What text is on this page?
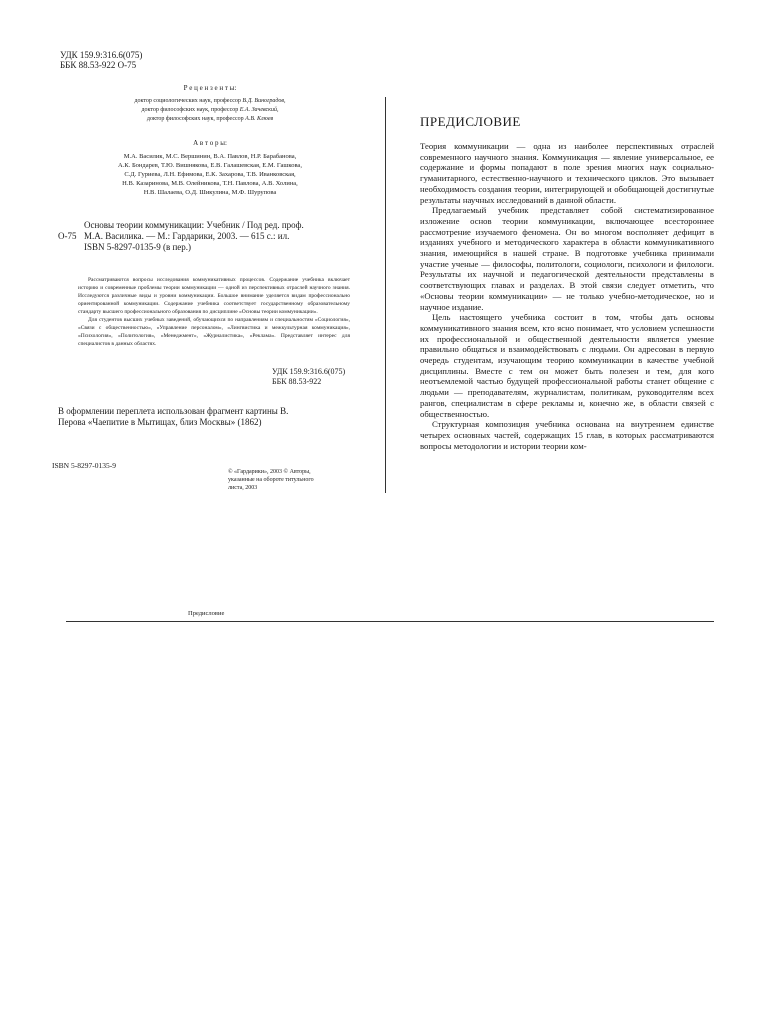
УДК 159.9:316.6(075)
ББК 88.53-922 О-75
Р е ц е н з е н т ы:
доктор социологических наук, профессор В.Д. Виноградов,
доктор философских наук, профессор Е.А. Зачевский,
доктор философских наук, профессор А.В. Клюев
А в т о р ы:
М.А. Василик, М.С. Вершинин, В.А. Павлов, Н.Р. Барабанова,
А.К. Бондарев, Т.Ю. Вишнякова, Е.В. Галашевская, Е.М. Гашкова,
С.Д. Гуриева, Л.Н. Ефимова, Е.К. Захарова, Т.В. Иванковская,
Н.В. Казаринова, М.В. Олейникова, Т.Н. Павлова, А.В. Холина,
Н.В. Шалаева, О.Д. Шикулина, М.Ф. Шурупова
Основы теории коммуникации: Учебник / Под ред. проф.
М.А. Василика. — М.: Гардарики, 2003. — 615 с.: ил.
ISBN 5-8297-0135-9 (в пер.)
О-75

Рассматриваются вопросы исследования коммуникативных процессов. Содержание учебника включает историю и современные проблемы теории коммуникации — одной из перспективных отраслей научного знания. Исследуются различные виды и уровни коммуникации. Большое внимание уделяется видам профессионально ориентированной коммуникации. Содержание учебника соответствует государственному образовательному стандарту высшего профессионального образования по дисциплине «Основы теории коммуникации».

Для студентов высших учебных заведений, обучающихся по направлениям и специальностям «Социология», «Связи с общественностью», «Управление персоналом», «Лингвистика и межкультурная коммуникация», «Психология», «Политология», «Менеджмент», «Журналистика», «Реклама». Представляет интерес для специалистов в данных областях.

УДК 159.9:316.6(075)
ББК 88.53-922
В оформлении переплета использован фрагмент картины В.
Перова «Чаепитие в Мытищах, близ Москвы» (1862)
ISBN 5-8297-0135-9
© «Гардарики», 2003 © Авторы,
указанные на обороте титульного
листа, 2003
ПРЕДИСЛОВИЕ

Теория коммуникации — одна из наиболее перспективных отраслей современного научного знания. Коммуникация — явление универсальное, ее содержание и формы попадают в поле зрения многих наук социально-гуманитарного, естественно-научного и технического циклов. Это вызывает необходимость создания теории, интегрирующей и обобщающей достигнутые результаты научных исследований в данной области.

Предлагаемый учебник представляет собой систематизированное изложение основ теории коммуникации, включающее всестороннее рассмотрение изучаемого феномена. Он во многом восполняет дефицит в изданиях учебного и методического характера в области коммуникативного знания, имеющийся в нашей стране. В подготовке учебника принимали участие ученые — философы, политологи, социологи, психологи и филологи. Результаты их научной и педагогической деятельности представлены в соответствующих главах и разделах. В этой связи следует отметить, что «Основы теории коммуникации» — не только учебно-методическое, но и научное издание.

Цель настоящего учебника состоит в том, чтобы дать основы коммуникативного знания всем, кто ясно понимает, что условием успешности их профессиональной и общественной деятельности является умение правильно общаться и взаимодействовать с людьми. Он адресован в первую очередь студентам, изучающим теорию коммуникации в качестве учебной дисциплины. Вместе с тем он может быть полезен и тем, для кого неотъемлемой частью будущей профессиональной работы станет общение с людьми — преподавателям, журналистам, политикам, руководителям всех рангов, специалистам в сфере рекламы и, конечно же, в области связей с общественностью.

Структурная композиция учебника основана на внутреннем единстве четырех основных частей, содержащих 15 глав, в которых рассматриваются вопросы методологии и истории теории ком-

Предисловие
